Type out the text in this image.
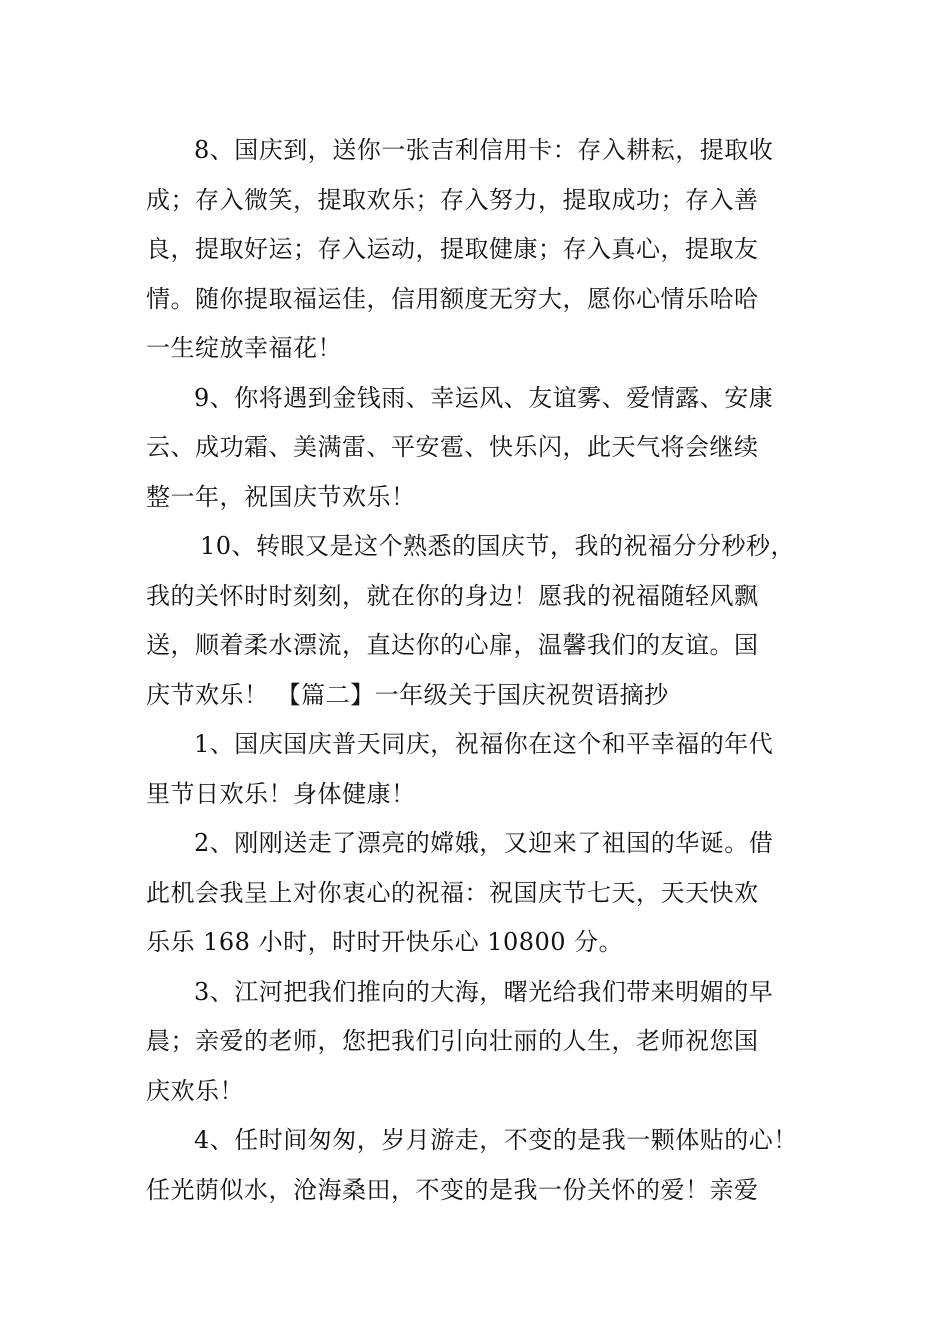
8、国庆到，送你一张吉利信用卡：存入耕耘，提取收
成；存入微笑，提取欢乐；存入努力，提取成功；存入善
良，提取好运；存入运动，提取健康；存入真心，提取友
情。随你提取福运佳，信用额度无穷大，愿你心情乐哈哈
一生绽放幸福花！
9、你将遇到金钱雨、幸运风、友谊雾、爱情露、安康
云、成功霜、美满雷、平安雹、快乐闪，此天气将会继续
整一年，祝国庆节欢乐！
10、转眼又是这个熟悉的国庆节，我的祝福分分秒秒，
我的关怀时时刻刻，就在你的身边！愿我的祝福随轻风飘
送，顺着柔水漂流，直达你的心扉，温馨我们的友谊。国
庆节欢乐！ 【篇二】一年级关于国庆祝贺语摘抄
1、国庆国庆普天同庆，祝福你在这个和平幸福的年代
里节日欢乐！身体健康！
2、刚刚送走了漂亮的嫦娥，又迎来了祖国的华诞。借
此机会我呈上对你衷心的祝福：祝国庆节七天，天天快欢
乐乐 168 小时，时时开快乐心 10800 分。
3、江河把我们推向的大海，曙光给我们带来明媚的早
晨；亲爱的老师，您把我们引向壮丽的人生，老师祝您国
庆欢乐！
4、任时间匆匆，岁月游走，不变的是我一颗体贴的心！
任光荫似水，沧海桑田，不变的是我一份关怀的爱！亲爱
